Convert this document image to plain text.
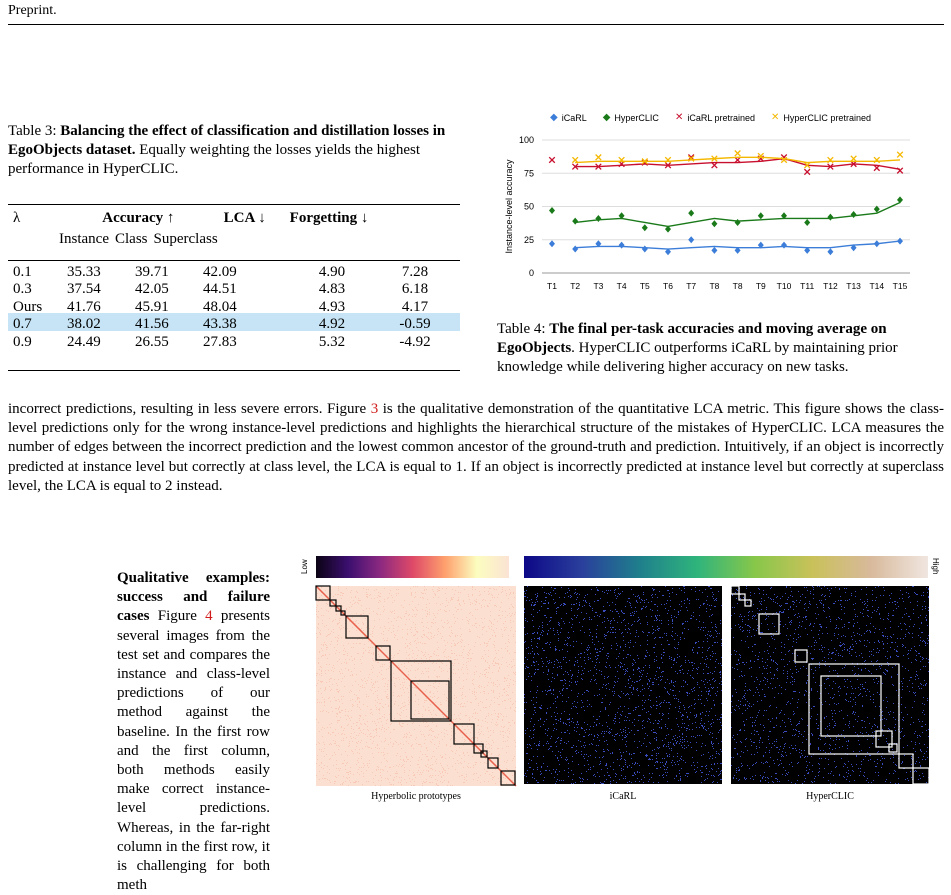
Preprint.
Table 3: Balancing the effect of classification and distillation losses in EgoObjects dataset. Equally weighting the losses yields the highest performance in HyperCLIC.
λ	Accuracy ↑			LCA ↓	Forgetting ↓
	Instance	Class	Superclass		

0.1	35.33	39.71	42.09	4.90	7.28
0.3	37.54	42.05	44.51	4.83	6.18
Ours	41.76	45.91	48.04	4.93	4.17
0.7	38.02	41.56	43.38	4.92	-0.59
0.9	24.49	26.55	27.83	5.32	-4.92
◆ iCaRL ◆ HyperCLIC ✕ iCaRL pretrained ✕ HyperCLIC pretrained
0
25
50
75
100
T1 T2 T3 T4 T5 T6 T7 T8 T8 T9 T10 T11 T12 T13 T14 T15
Instance-level accuracy
Table 4: The final per-task accuracies and moving average on EgoObjects. HyperCLIC outperforms iCaRL by maintaining prior knowledge while delivering higher accuracy on new tasks.
incorrect predictions, resulting in less severe errors. Figure 3 is the qualitative demonstration of the quantitative LCA metric. This figure shows the class-level predictions only for the wrong instance-level predictions and highlights the hierarchical structure of the mistakes of HyperCLIC. LCA measures the number of edges between the incorrect prediction and the lowest common ancestor of the ground-truth and prediction. Intuitively, if an object is incorrectly predicted at instance level but correctly at class level, the LCA is equal to 1. If an object is incorrectly predicted at instance level but correctly at superclass level, the LCA is equal to 2 instead.
Qualitative examples: success and failure cases Figure 4 presents several images from the test set and compares the instance and class-level predictions of our method against the baseline. In the first row and the first column, both methods easily make correct instance-level predictions. Whereas, in the far-right column in the first row, it is challenging for both meth
Low	High
Hyperbolic prototypes	iCaRL	HyperCLIC
